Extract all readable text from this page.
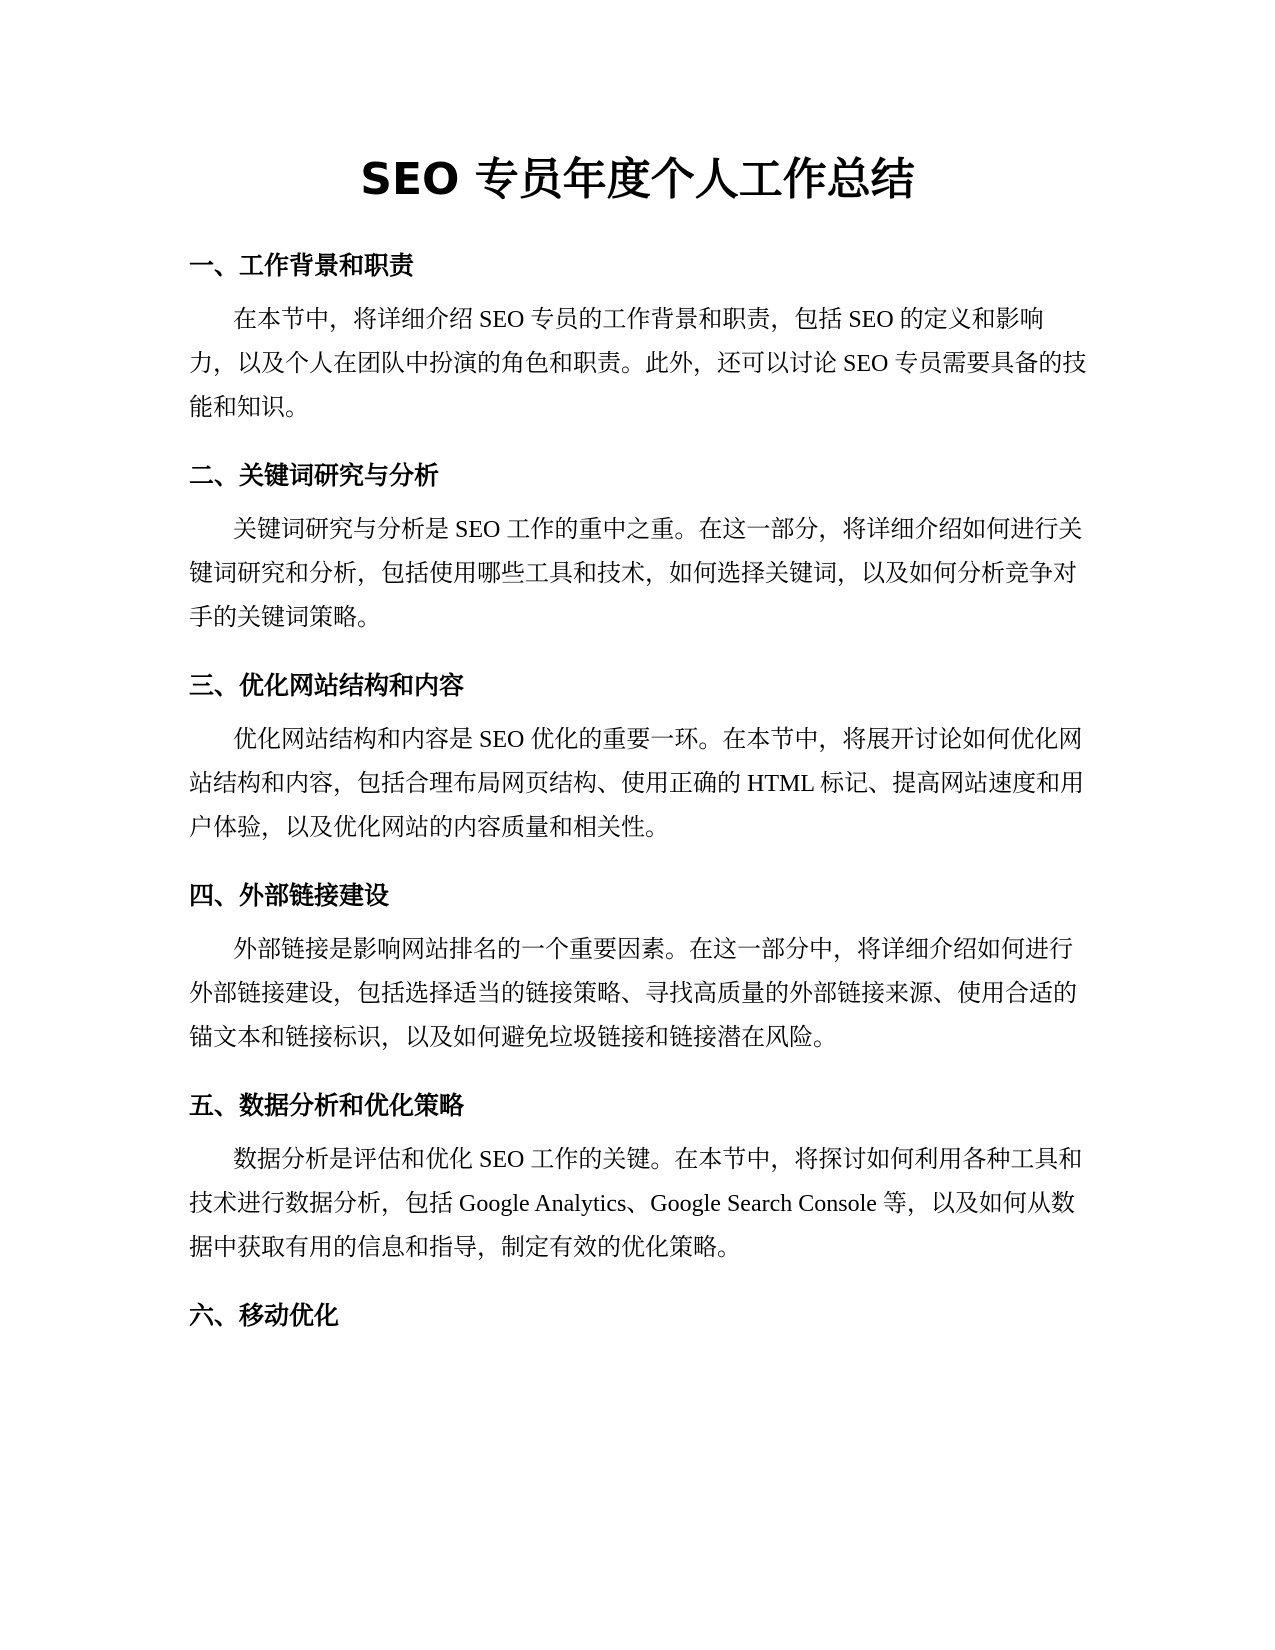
SEO 专员年度个人工作总结
一、工作背景和职责

在本节中，将详细介绍 SEO 专员的工作背景和职责，包括 SEO 的定义和影响力，以及个人在团队中扮演的角色和职责。此外，还可以讨论 SEO 专员需要具备的技能和知识。

二、关键词研究与分析

关键词研究与分析是 SEO 工作的重中之重。在这一部分，将详细介绍如何进行关键词研究和分析，包括使用哪些工具和技术，如何选择关键词，以及如何分析竞争对手的关键词策略。

三、优化网站结构和内容

优化网站结构和内容是 SEO 优化的重要一环。在本节中，将展开讨论如何优化网站结构和内容，包括合理布局网页结构、使用正确的 HTML 标记、提高网站速度和用户体验，以及优化网站的内容质量和相关性。

四、外部链接建设

外部链接是影响网站排名的一个重要因素。在这一部分中，将详细介绍如何进行外部链接建设，包括选择适当的链接策略、寻找高质量的外部链接来源、使用合适的锚文本和链接标识，以及如何避免垃圾链接和链接潜在风险。

五、数据分析和优化策略

数据分析是评估和优化 SEO 工作的关键。在本节中，将探讨如何利用各种工具和技术进行数据分析，包括 Google Analytics、Google Search Console 等，以及如何从数据中获取有用的信息和指导，制定有效的优化策略。

六、移动优化
